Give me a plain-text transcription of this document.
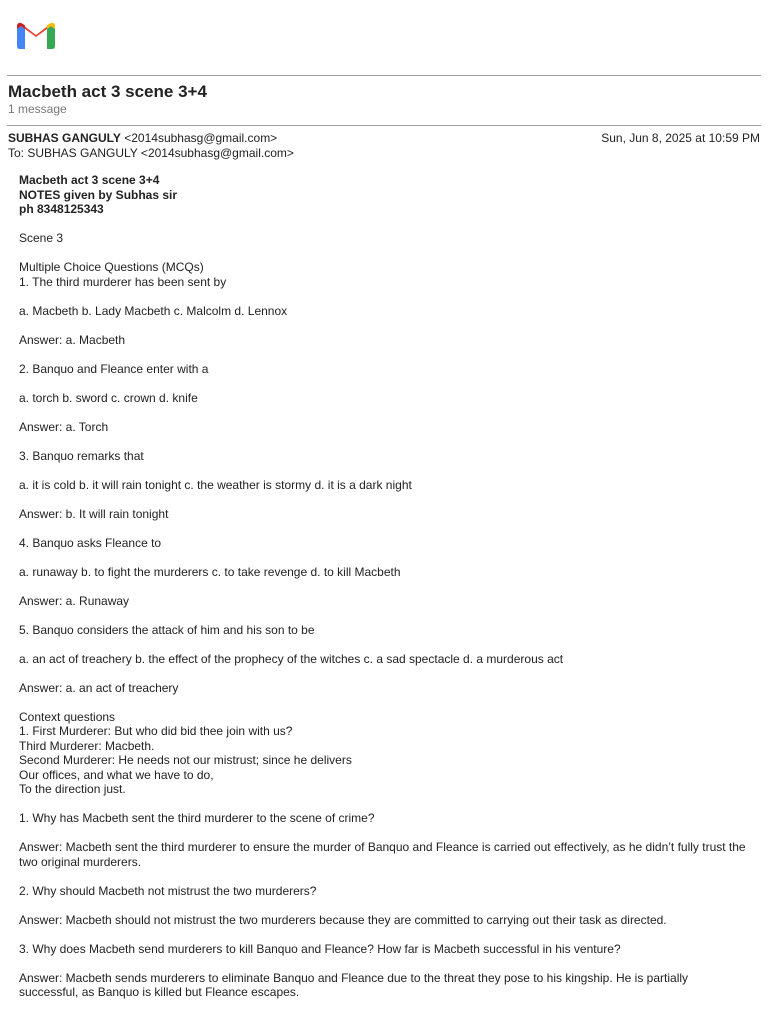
Macbeth act 3 scene 3+4
1 message
SUBHAS GANGULY <2014subhasg@gmail.com>	Sun, Jun 8, 2025 at 10:59 PM
To: SUBHAS GANGULY <2014subhasg@gmail.com>

Macbeth act 3 scene 3+4
NOTES given by Subhas sir
ph 8348125343

Scene 3

Multiple Choice Questions (MCQs)
1. The third murderer has been sent by

a. Macbeth b. Lady Macbeth c. Malcolm d. Lennox

Answer: a. Macbeth

2. Banquo and Fleance enter with a

a. torch b. sword c. crown d. knife

Answer: a. Torch

3. Banquo remarks that

a. it is cold b. it will rain tonight c. the weather is stormy d. it is a dark night

Answer: b. It will rain tonight

4. Banquo asks Fleance to

a. runaway b. to fight the murderers c. to take revenge d. to kill Macbeth

Answer: a. Runaway

5. Banquo considers the attack of him and his son to be

a. an act of treachery b. the effect of the prophecy of the witches c. a sad spectacle d. a murderous act

Answer: a. an act of treachery

Context questions
1. First Murderer: But who did bid thee join with us?
Third Murderer: Macbeth.
Second Murderer: He needs not our mistrust; since he delivers
Our offices, and what we have to do,
To the direction just.

1. Why has Macbeth sent the third murderer to the scene of crime?

Answer: Macbeth sent the third murderer to ensure the murder of Banquo and Fleance is carried out effectively, as he didn’t fully trust the two original murderers.

2. Why should Macbeth not mistrust the two murderers?

Answer: Macbeth should not mistrust the two murderers because they are committed to carrying out their task as directed.

3. Why does Macbeth send murderers to kill Banquo and Fleance? How far is Macbeth successful in his venture?

Answer: Macbeth sends murderers to eliminate Banquo and Fleance due to the threat they pose to his kingship. He is partially successful, as Banquo is killed but Fleance escapes.
